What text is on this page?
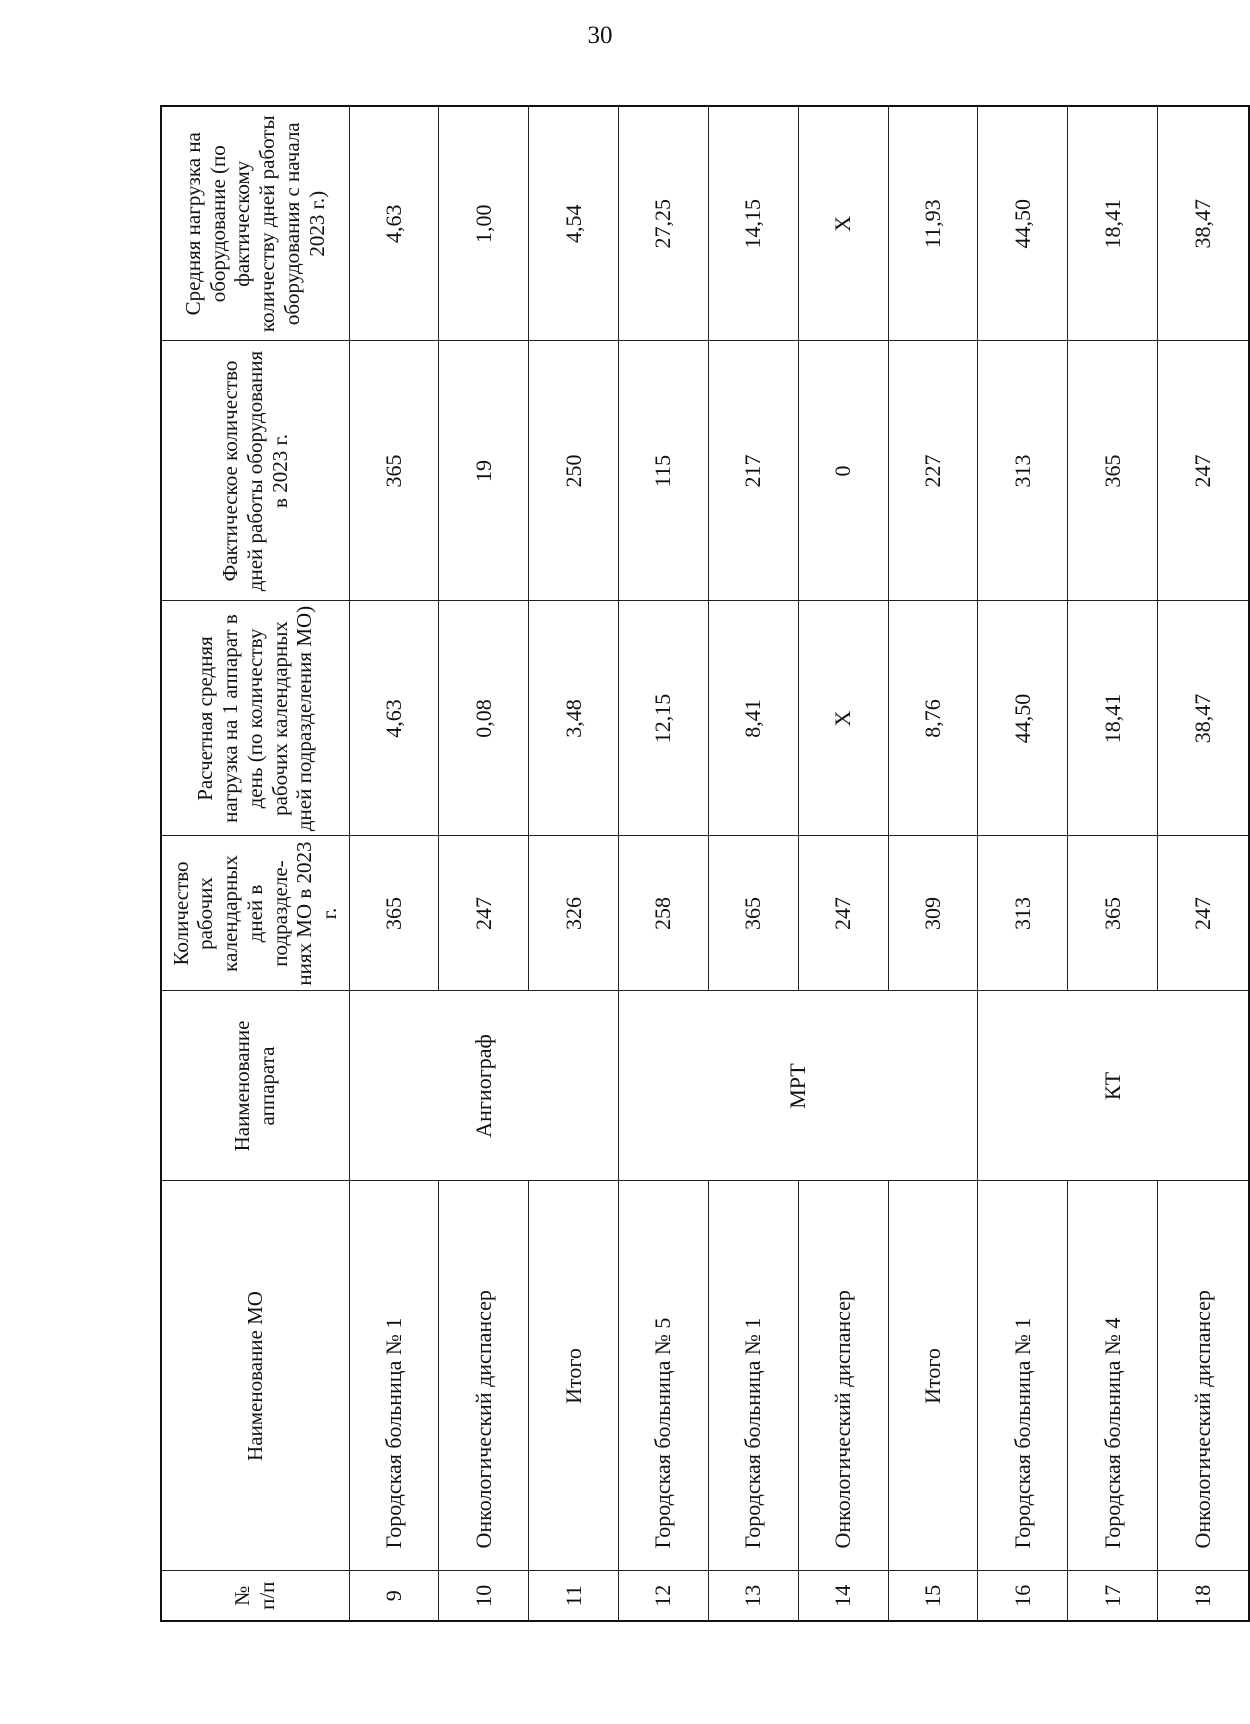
30
№ п/п	Наименование МО	Наименование аппарата	Количество рабочих календарных дней в подразделе-ниях МО в 2023 г.	Расчетная средняя нагрузка на 1 аппарат в день (по количеству рабочих календарных дней подразделения МО)	Фактическое количество дней работы оборудования в 2023 г.	Средняя нагрузка на оборудование (по фактическому количеству дней работы оборудования с начала 2023 г.)
9	Городская больница № 1	Ангиограф	365	4,63	365	4,63
10	Онкологический диспансер		247	0,08	19	1,00
11	Итого		326	3,48	250	4,54
12	Городская больница № 5	МРТ	258	12,15	115	27,25
13	Городская больница № 1		365	8,41	217	14,15
14	Онкологический диспансер		247	Х	0	Х
15	Итого		309	8,76	227	11,93
16	Городская больница № 1	КТ	313	44,50	313	44,50
17	Городская больница № 4		365	18,41	365	18,41
18	Онкологический диспансер		247	38,47	247	38,47
